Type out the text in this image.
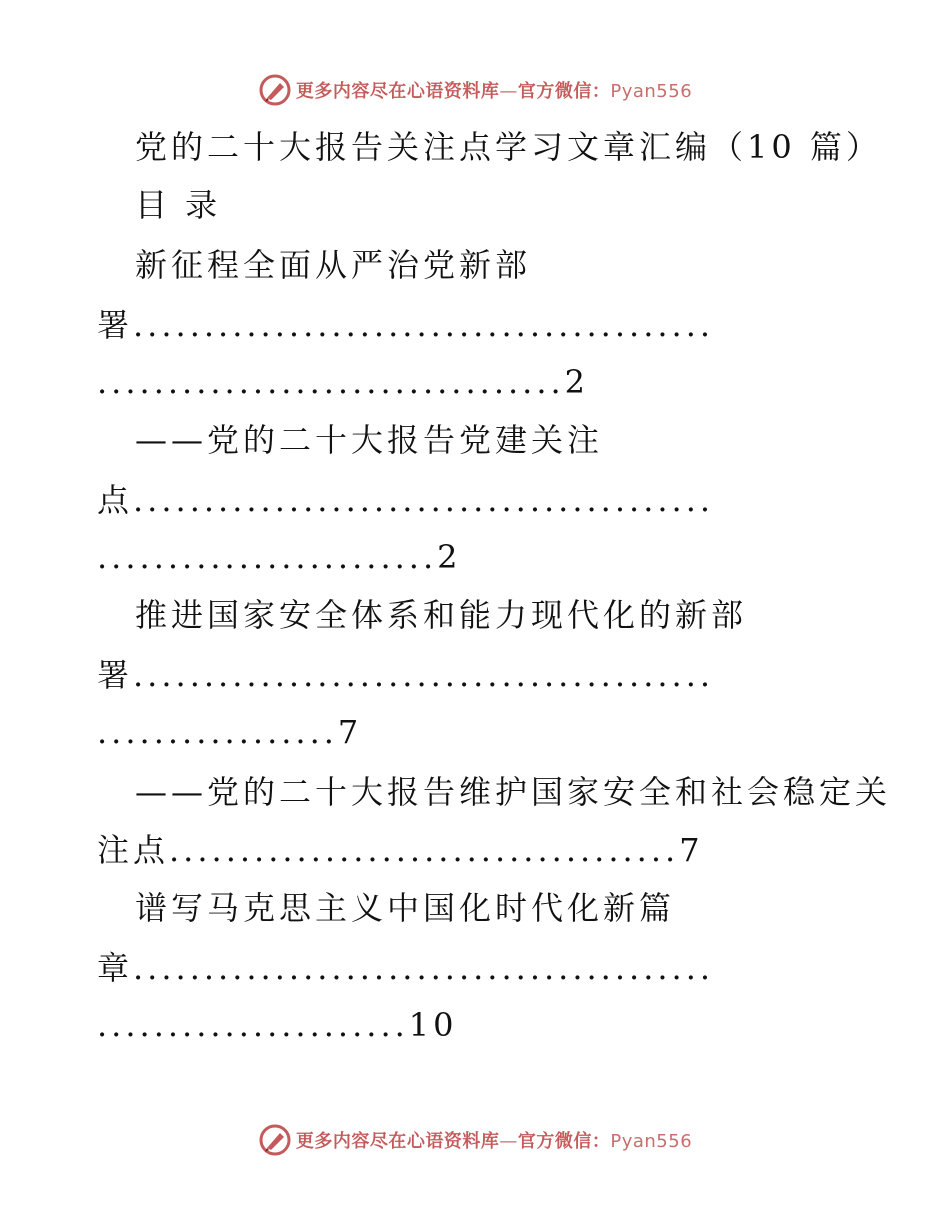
更多内容尽在心语资料库—官方微信：Pyan556
党的二十大报告关注点学习文章汇编（10 篇）
目 录
新征程全面从严治党新部
署.........................................
.................................2
——党的二十大报告党建关注
点.........................................
........................2
推进国家安全体系和能力现代化的新部
署.........................................
.................7
——党的二十大报告维护国家安全和社会稳定关
注点....................................7
谱写马克思主义中国化时代化新篇
章.........................................
......................10
更多内容尽在心语资料库—官方微信：Pyan556
